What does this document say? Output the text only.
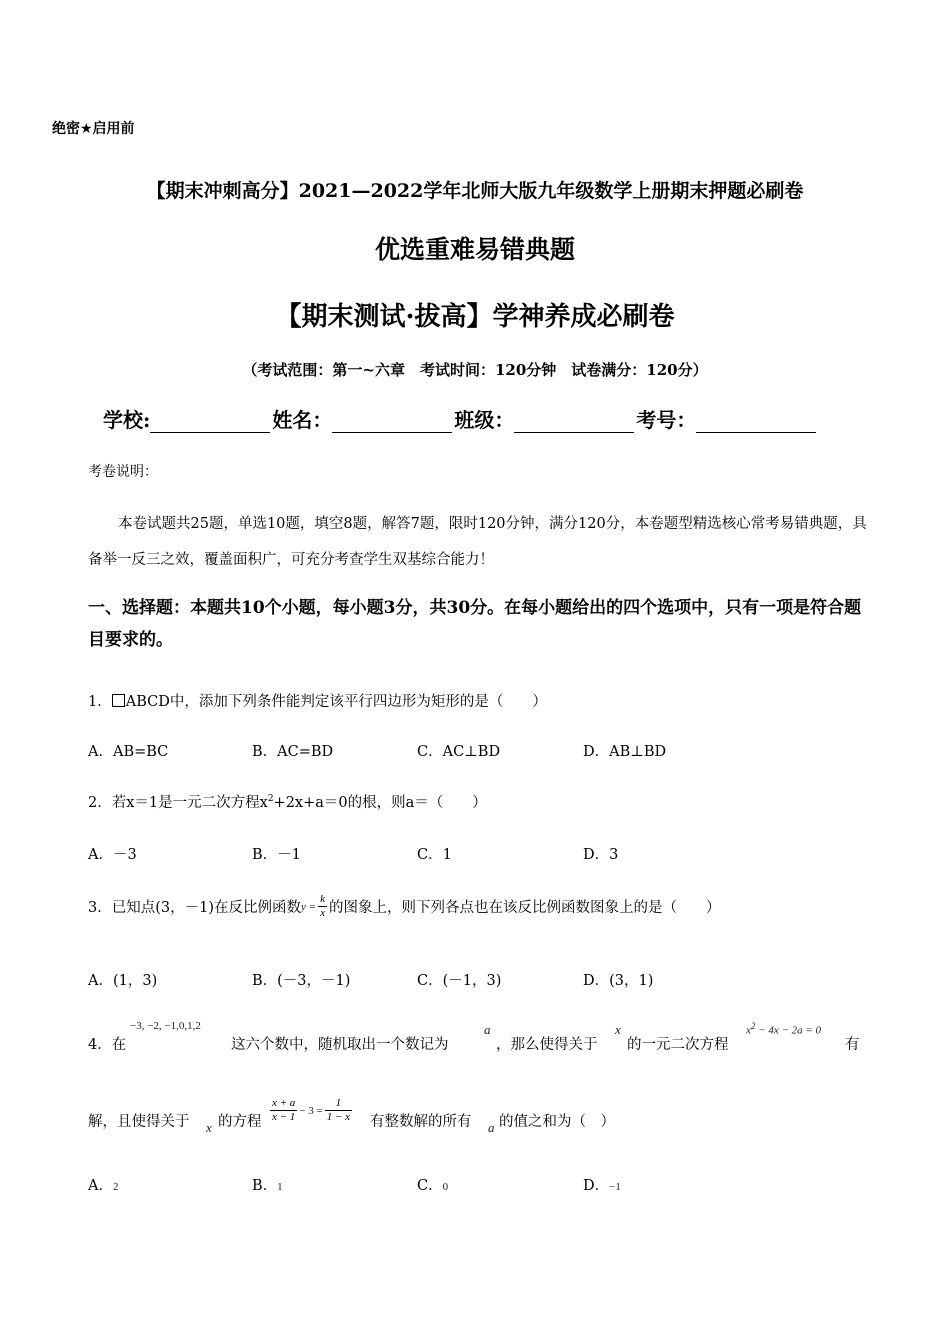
绝密★启用前
【期末冲刺高分】2021—2022学年北师大版九年级数学上册期末押题必刷卷
优选重难易错典题
【期末测试·拔高】学神养成必刷卷
（考试范围：第一~六章　考试时间：120分钟　试卷满分：120分）
学校:	姓名：	班级：	考号：
考卷说明：
本卷试题共25题，单选10题，填空8题，解答7题，限时120分钟，满分120分，本卷题型精选核心常考易错典题，具备举一反三之效，覆盖面积广，可充分考查学生双基综合能力！
一、选择题：本题共10个小题，每小题3分，共30分。在每小题给出的四个选项中，只有一项是符合题目要求的。
1． ABCD中，添加下列条件能判定该平行四边形为矩形的是（　　）
A．AB=BC	B．AC=BD	C．AC⊥BD	D．AB⊥BD
2．若x＝1是一元二次方程$x^2+2x+a=0$的根，则a＝（　　）
A．－3	B．－1	C．1	D．3
3．已知点(3，－1)在反比例函数 $y = \frac{k}{x}$ 的图象上，则下列各点也在该反比例函数图象上的是（　　）
A．(1，3)	B．(－3，－1)	C．(－1，3)	D．(3，1)
4．在
−3, −2, −1,0,1,2
这六个数中，随机取出一个数记为
a
，那么使得关于
x
的一元二次方程
$x^2 - 4x - 2a = 0$
有
解，且使得关于 x 的方程 $\frac{x + a}{x - 1} - 3 = \frac{1}{1 - x}$ 有整数解的所有 a 的值之和为（　）
A．2	B．1	C．0	D．−1
